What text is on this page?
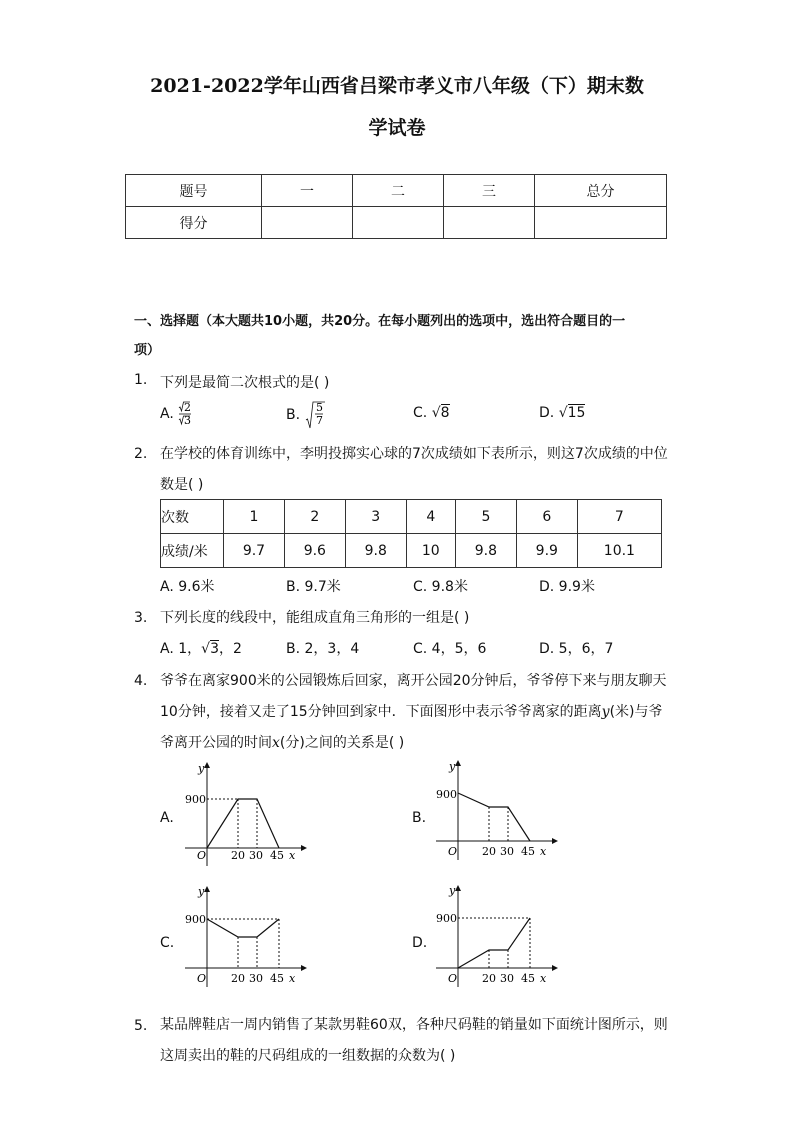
2021-2022学年山西省吕梁市孝义市八年级（下）期末数
学试卷
题号	一	二	三	总分
得分				
一、选择题（本大题共10小题，共20分。在每小题列出的选项中，选出符合题目的一
项）
1. 下列是最简二次根式的是( )
A. 2
3	B. 5
7	C. √8	D. √15
2. 在学校的体育训练中，李明投掷实心球的7次成绩如下表所示，则这7次成绩的中位
数是( )
次数	1	2	3	4	5	6	7
成绩/米	9.7	9.6	9.8	10	9.8	9.9	10.1
A. 9.6米	B. 9.7米	C. 9.8米	D. 9.9米
3. 下列长度的线段中，能组成直角三角形的一组是( )
A. 1，√3，2	B. 2，3，4	C. 4，5，6	D. 5，6，7
4. 爷爷在离家900米的公园锻炼后回家，离开公园20分钟后，爷爷停下来与朋友聊天
10分钟，接着又走了15分钟回到家中．下面图形中表示爷爷离家的距离y(米)与爷
爷离开公园的时间x(分)之间的关系是( )
A.	B.
C.	D.
y
x
O
900
20 30 45
y
x
O
900
20 30 45
y
x
O
900
20 30 45
y
x
O
900
20 30 45
5. 某品牌鞋店一周内销售了某款男鞋60双，各种尺码鞋的销量如下面统计图所示，则
这周卖出的鞋的尺码组成的一组数据的众数为( )
